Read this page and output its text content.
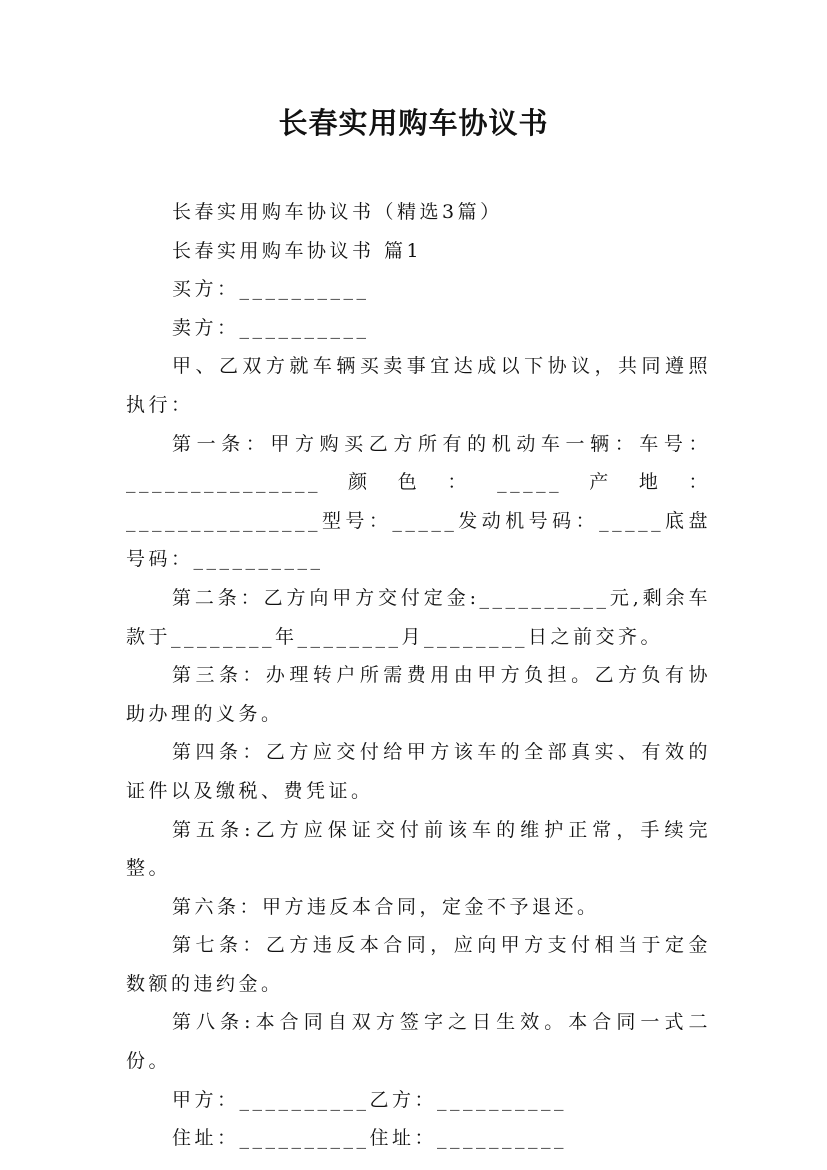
长春实用购车协议书

长春实用购车协议书（精选3篇）

长春实用购车协议书 篇1

买方：__________

卖方：__________

甲、乙双方就车辆买卖事宜达成以下协议，共同遵照执行：

第一条：甲方购买乙方所有的机动车一辆：车号：_______________颜色：_____产地：_______________型号：_____发动机号码：_____底盘号码：__________

第二条：乙方向甲方交付定金:__________元,剩余车款于________年________月________日之前交齐。

第三条：办理转户所需费用由甲方负担。乙方负有协助办理的义务。

第四条：乙方应交付给甲方该车的全部真实、有效的证件以及缴税、费凭证。

第五条:乙方应保证交付前该车的维护正常，手续完整。

第六条：甲方违反本合同，定金不予退还。

第七条：乙方违反本合同，应向甲方支付相当于定金数额的违约金。

第八条:本合同自双方签字之日生效。本合同一式二份。

甲方：__________乙方：__________

住址：__________住址：__________
